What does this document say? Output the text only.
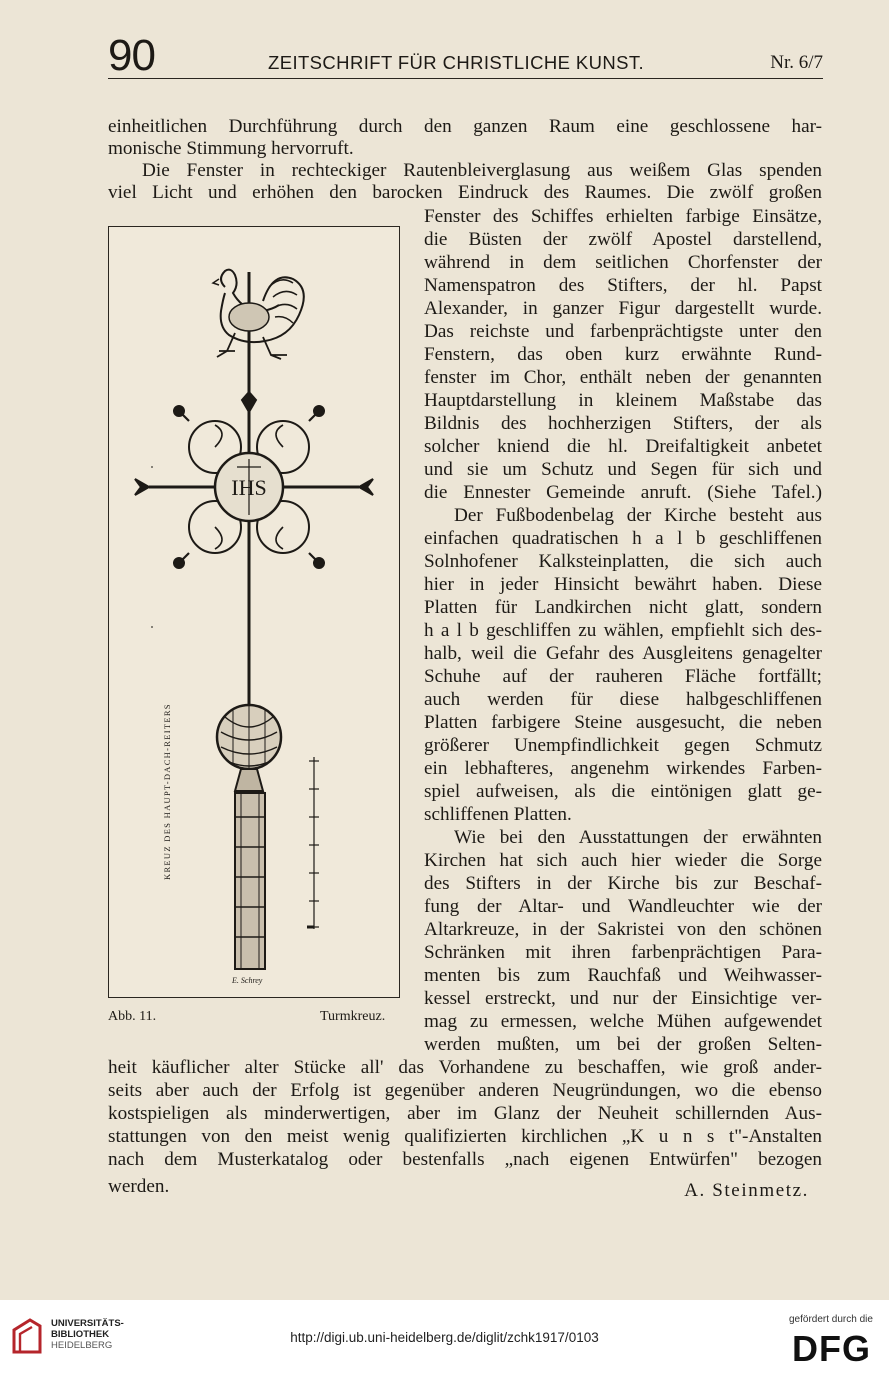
90	ZEITSCHRIFT FÜR CHRISTLICHE KUNST.	Nr. 6/7
einheitlichen Durchführung durch den ganzen Raum eine geschlossene har-
monische Stimmung hervorruft.
Die Fenster in rechteckiger Rautenbleiverglasung aus weißem Glas spenden
viel Licht und erhöhen den barocken Eindruck des Raumes. Die zwölf großen
Fenster des Schiffes erhielten farbige Einsätze,
die Büsten der zwölf Apostel darstellend,
während in dem seitlichen Chorfenster der
Namenspatron des Stifters, der hl. Papst
Alexander, in ganzer Figur dargestellt wurde.
Das reichste und farbenprächtigste unter den
Fenstern, das oben kurz erwähnte Rund-
fenster im Chor, enthält neben der genannten
Hauptdarstellung in kleinem Maßstabe das
Bildnis des hochherzigen Stifters, der als
solcher kniend die hl. Dreifaltigkeit anbetet
und sie um Schutz und Segen für sich und
die Ennester Gemeinde anruft. (Siehe Tafel.)
Der Fußbodenbelag der Kirche besteht aus
einfachen quadratischen h a l b geschliffenen
Solnhofener Kalksteinplatten, die sich auch
hier in jeder Hinsicht bewährt haben. Diese
Platten für Landkirchen nicht glatt, sondern
h a l b geschliffen zu wählen, empfiehlt sich des-
halb, weil die Gefahr des Ausgleitens genagelter
Schuhe auf der rauheren Fläche fortfällt;
auch werden für diese halbgeschliffenen
Platten farbigere Steine ausgesucht, die neben
größerer Unempfindlichkeit gegen Schmutz
ein lebhafteres, angenehm wirkendes Farben-
spiel aufweisen, als die eintönigen glatt ge-
schliffenen Platten.
Wie bei den Ausstattungen der erwähnten
Kirchen hat sich auch hier wieder die Sorge
des Stifters in der Kirche bis zur Beschaf-
fung der Altar- und Wandleuchter wie der
Altarkreuze, in der Sakristei von den schönen
Schränken mit ihren farbenprächtigen Para-
menten bis zum Rauchfaß und Weihwasser-
kessel erstreckt, und nur der Einsichtige ver-
mag zu ermessen, welche Mühen aufgewendet
werden mußten, um bei der großen Selten-
heit käuflicher alter Stücke all' das Vorhandene zu beschaffen, wie groß ander-
seits aber auch der Erfolg ist gegenüber anderen Neugründungen, wo die ebenso
kostspieligen als minderwertigen, aber im Glanz der Neuheit schillernden Aus-
stattungen von den meist wenig qualifizierten kirchlichen „K u n s t"-Anstalten
nach dem Musterkatalog oder bestenfalls „nach eigenen Entwürfen" bezogen
werden.	A. Steinmetz.
IHS
KREUZ DES HAUPT-DACH-REITERS
E. Schrey
Abb. 11.	Turmkreuz.
UNIVERSITÄTS-
BIBLIOTHEK
HEIDELBERG
http://digi.ub.uni-heidelberg.de/diglit/zchk1917/0103
gefördert durch die
DFG
